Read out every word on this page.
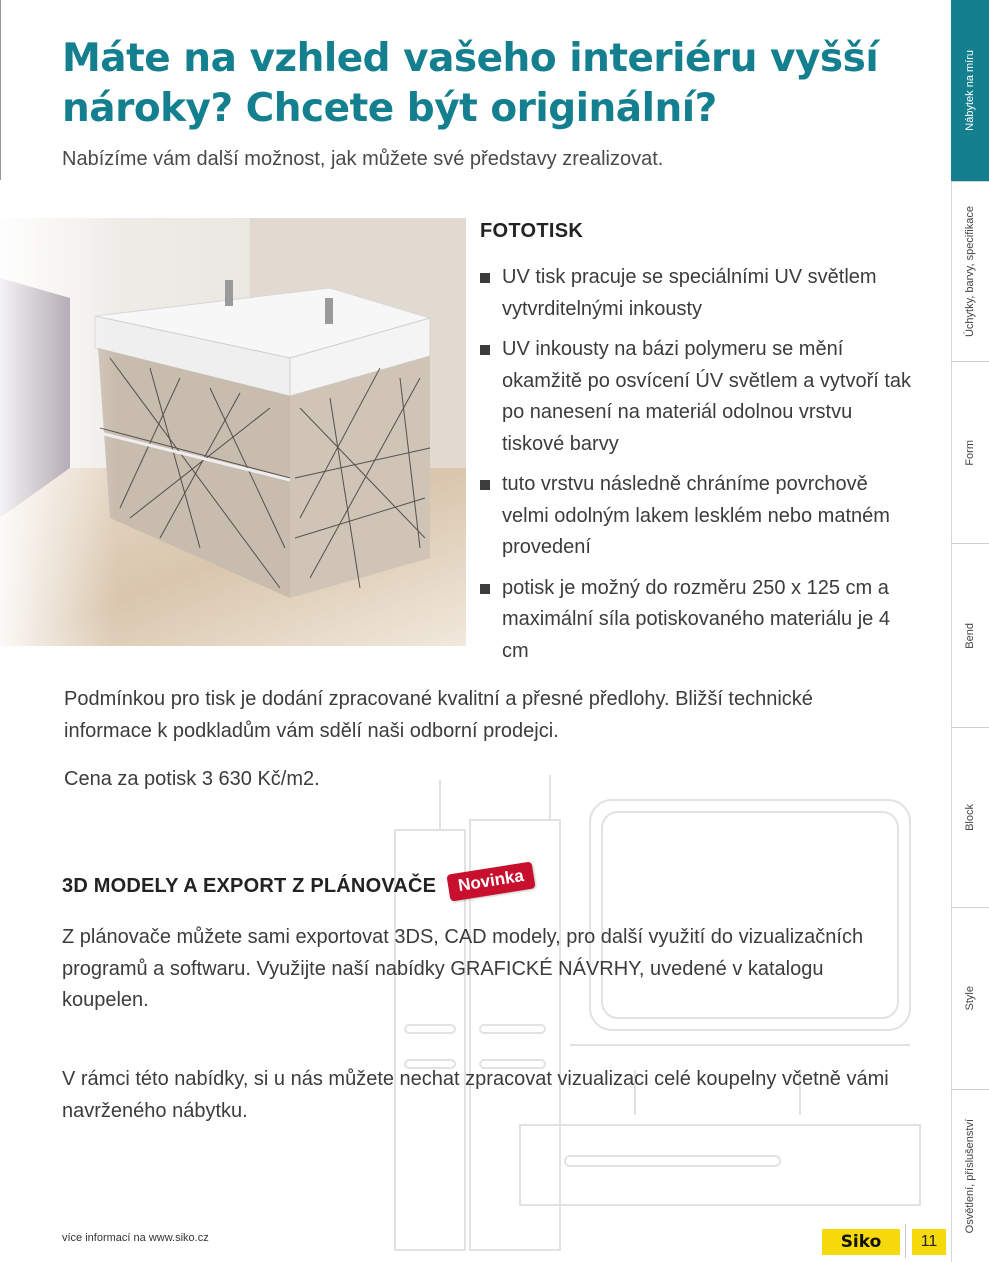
Máte na vzhled vašeho interiéru vyšší nároky? Chcete být originální?

Nabízíme vám další možnost, jak můžete své představy zrealizovat.

FOTOTISK
UV tisk pracuje se speciálními UV světlem vytvrditelnými inkousty
UV inkousty na bázi polymeru se mění okamžitě po osvícení ÚV světlem a vytvoří tak po nanesení na materiál odolnou vrstvu tiskové barvy
tuto vrstvu následně chráníme povrchově velmi odolným lakem lesklém nebo matném provedení
potisk je možný do rozměru 250 x 125 cm a maximální síla potiskovaného materiálu je 4 cm

Podmínkou pro tisk je dodání zpracované kvalitní a přesné předlohy. Bližší technické informace k podkladům vám sdělí naši odborní prodejci.

Cena za potisk 3 630 Kč/m2.

3D MODELY A EXPORT Z PLÁNOVAČE	Novinka

Z plánovače můžete sami exportovat 3DS, CAD modely, pro další využití do vizualizačních programů a softwaru. Využijte naší nabídky GRAFICKÉ NÁVRHY, uvedené v katalogu koupelen.

V rámci této nabídky, si u nás můžete nechat zpracovat vizualizaci celé koupelny včetně vámi navrženého nábytku.

více informací na www.siko.cz	Siko	11
Nábytek na míru
Úchytky, barvy, specifikace
Form
Bend
Block
Style
Osvětlení, příslušenství
